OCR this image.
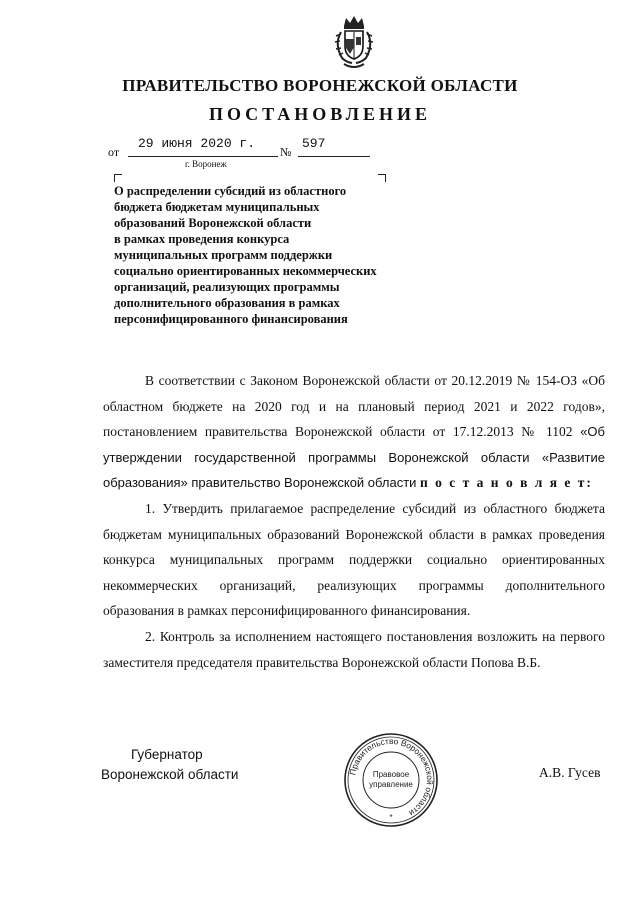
ПРАВИТЕЛЬСТВО ВОРОНЕЖСКОЙ ОБЛАСТИ
ПОСТАНОВЛЕНИЕ
от
29 июня 2020 г.
№
597
г. Воронеж
О распределении субсидий из областного
бюджета бюджетам муниципальных
образований Воронежской области
в рамках проведения конкурса
муниципальных программ поддержки
социально ориентированных некоммерческих
организаций, реализующих программы
дополнительного образования в рамках
персонифицированного финансирования

В соответствии с Законом Воронежской области от 20.12.2019 № 154-ОЗ «Об областном бюджете на 2020 год и на плановый период 2021 и 2022 годов», постановлением правительства Воронежской области от 17.12.2013 № 1102 «Об утверждении государственной программы Воронежской области «Развитие образования» правительство Воронежской области п о с т а н о в л я е т:

1. Утвердить прилагаемое распределение субсидий из областного бюджета бюджетам муниципальных образований Воронежской области в рамках проведения конкурса муниципальных программ поддержки социально ориентированных некоммерческих организаций, реализующих программы дополнительного образования в рамках персонифицированного финансирования.

2. Контроль за исполнением настоящего постановления возложить на первого заместителя председателя правительства Воронежской области Попова В.Б.

Губернатор
Воронежской области	Правительство Воронежской области
Правовое
управление
*
А.В. Гусев
